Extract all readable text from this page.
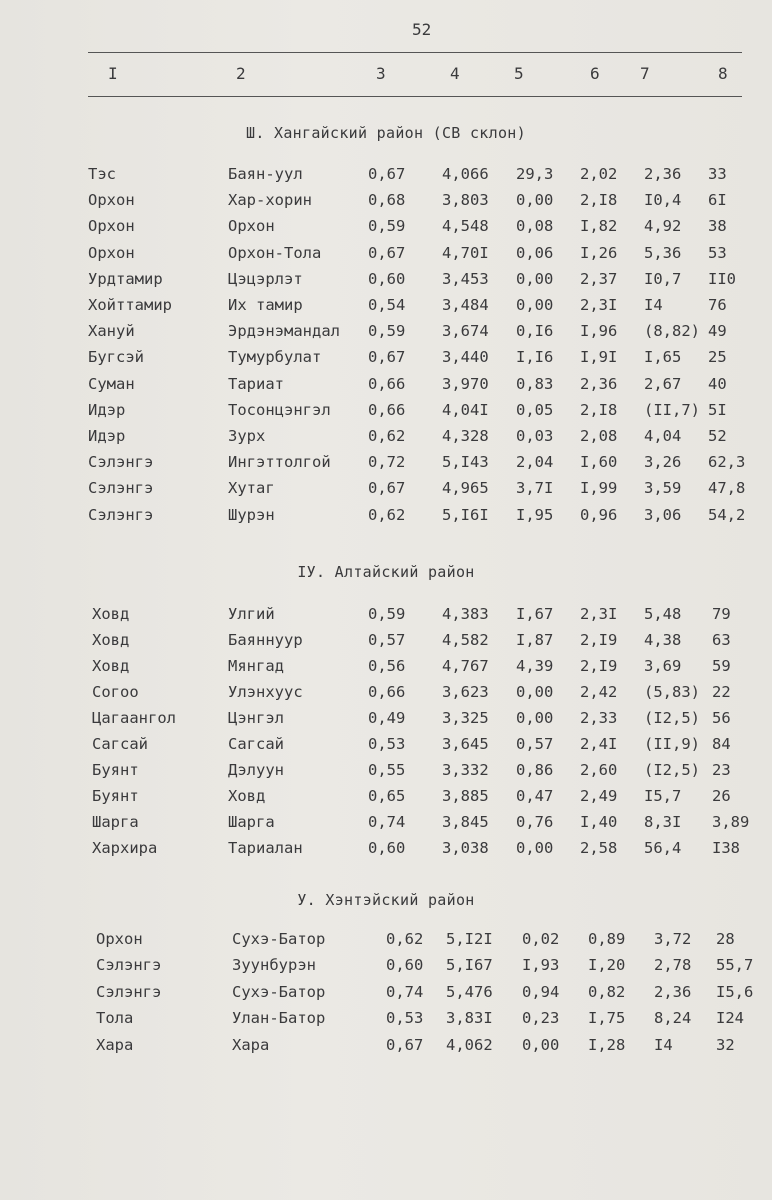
52
I	2	3	4	5	6	7	8
Ш. Хангайский район (СВ склон)
Тэс	Баян-уул	0,67 4,066 29,3 2,02 2,36 33
Орхон	Хар-хорин	0,68 3,803 0,00 2,I8 I0,4 6I
Орхон	Орхон	0,59 4,548 0,08 I,82 4,92 38
Орхон	Орхон-Тола	0,67 4,70I 0,06 I,26 5,36 53
Урдтамир	Цэцэрлэт	0,60 3,453 0,00 2,37 I0,7 II0
Хойттамир	Их тамир	0,54 3,484 0,00 2,3I I4	76
Хануй	Эрдэнэмандал 0,59 3,674 0,I6 I,96 (8,82) 49
Бугсэй	Тумурбулат	0,67 3,440 I,I6 I,9I I,65 25
Суман	Тариат	0,66 3,970 0,83 2,36 2,67 40
Идэр	Тосонцэнгэл 0,66 4,04I 0,05 2,I8 (II,7) 5I
Идэр	Зурх	0,62 4,328 0,03 2,08 4,04 52
Сэлэнгэ	Ингэттолгой 0,72 5,I43 2,04 I,60 3,26 62,3
Сэлэнгэ	Хутаг	0,67 4,965 3,7I I,99 3,59 47,8
Сэлэнгэ	Шурэн	0,62 5,I6I I,95 0,96 3,06 54,2
IУ. Алтайский район
Ховд	Улгий	0,59 4,383 I,67 2,3I 5,48 79
Ховд	Баяннуур	0,57 4,582 I,87 2,I9 4,38 63
Ховд	Мянгад	0,56 4,767 4,39 2,I9 3,69 59
Согоо	Улэнхуус	0,66 3,623 0,00 2,42 (5,83) 22
Цагаангол	Цэнгэл	0,49 3,325 0,00 2,33 (I2,5) 56
Сагсай	Сагсай	0,53 3,645 0,57 2,4I (II,9) 84
Буянт	Дэлуун	0,55 3,332 0,86 2,60 (I2,5) 23
Буянт	Ховд	0,65 3,885 0,47 2,49 I5,7 26
Шарга	Шарга	0,74 3,845 0,76 I,40 8,3I 3,89
Хархира	Тариалан	0,60 3,038 0,00 2,58 56,4 I38
У. Хэнтэйский район
Орхон	Сухэ-Батор	0,62 5,I2I 0,02 0,89 3,72 28
Сэлэнгэ	Зуунбурэн	0,60 5,I67 I,93 I,20 2,78 55,7
Сэлэнгэ	Сухэ-Батор	0,74 5,476 0,94 0,82 2,36 I5,6
Тола	Улан-Батор	0,53 3,83I 0,23 I,75 8,24 I24
Хара	Хара	0,67 4,062 0,00 I,28 I4	32
